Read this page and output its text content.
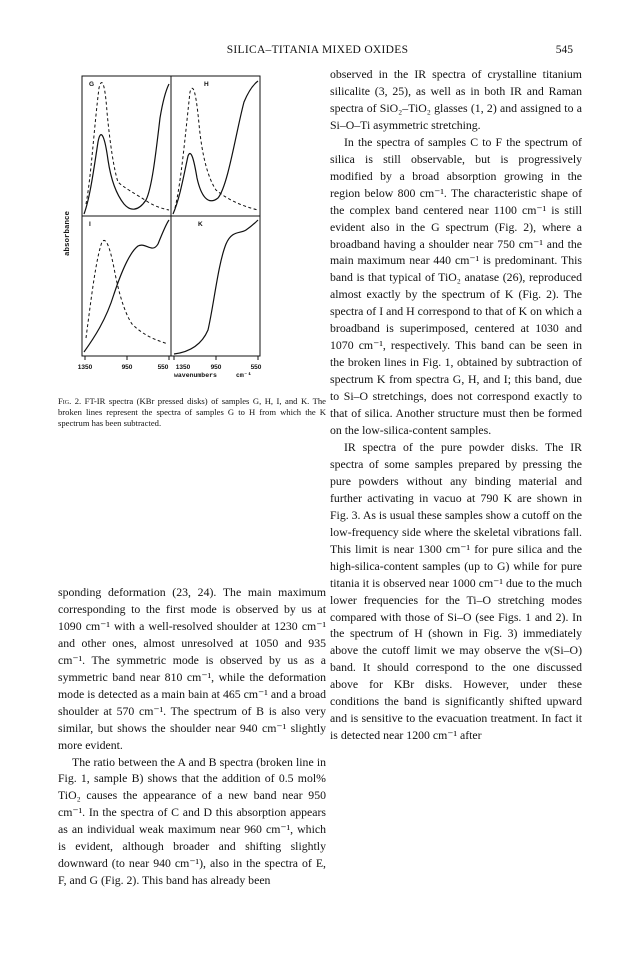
SILICA–TITANIA MIXED OXIDES	545
G	H
I	K
absorbance
1350	950	550 1350	950	550
wavenumbers	cm⁻¹
Fig. 2. FT-IR spectra (KBr pressed disks) of samples G, H, I, and K. The broken lines represent the spectra of samples G to H from which the K spectrum has been subtracted.

sponding deformation (23, 24). The main maximum corresponding to the first mode is observed by us at 1090 cm⁻¹ with a well-resolved shoulder at 1230 cm⁻¹ and other ones, almost unresolved at 1050 and 935 cm⁻¹. The symmetric mode is observed by us as a symmetric band near 810 cm⁻¹, while the deformation mode is detected as a main bain at 465 cm⁻¹ and a broad shoulder at 570 cm⁻¹. The spectrum of B is also very similar, but shows the shoulder near 940 cm⁻¹ slightly more evident.

The ratio between the A and B spectra (broken line in Fig. 1, sample B) shows that the addition of 0.5 mol% TiO₂ causes the appearance of a new band near 950 cm⁻¹. In the spectra of C and D this absorption appears as an individual weak maximum near 960 cm⁻¹, which is evident, although broader and shifting slightly downward (to near 940 cm⁻¹), also in the spectra of E, F, and G (Fig. 2). This band has already been

observed in the IR spectra of crystalline titanium silicalite (3, 25), as well as in both IR and Raman spectra of SiO₂–TiO₂ glasses (1, 2) and assigned to a Si–O–Ti asymmetric stretching.

In the spectra of samples C to F the spectrum of silica is still observable, but is progressively modified by a broad absorption growing in the region below 800 cm⁻¹. The characteristic shape of the complex band centered near 1100 cm⁻¹ is still evident also in the G spectrum (Fig. 2), where a broadband having a shoulder near 750 cm⁻¹ and the main maximum near 440 cm⁻¹ is predominant. This band is that typical of TiO₂ anatase (26), reproduced almost exactly by the spectrum of K (Fig. 2). The spectra of I and H correspond to that of K on which a broadband is superimposed, centered at 1030 and 1070 cm⁻¹, respectively. This band can be seen in the broken lines in Fig. 1, obtained by subtraction of spectrum K from spectra G, H, and I; this band, due to Si–O stretchings, does not correspond exactly to that of silica. Another structure must then be formed on the low-silica-content samples.

IR spectra of the pure powder disks. The IR spectra of some samples prepared by pressing the pure powders without any binding material and further activating in vacuo at 790 K are shown in Fig. 3. As is usual these samples show a cutoff on the low-frequency side where the skeletal vibrations fall. This limit is near 1300 cm⁻¹ for pure silica and the high-silica-content samples (up to G) while for pure titania it is observed near 1000 cm⁻¹ due to the much lower frequencies for the Ti–O stretching modes compared with those of Si–O (see Figs. 1 and 2). In the spectrum of H (shown in Fig. 3) immediately above the cutoff limit we may observe the ν(Si–O) band. It should correspond to the one discussed above for KBr disks. However, under these conditions the band is significantly shifted upward and is sensitive to the evacuation treatment. In fact it is detected near 1200 cm⁻¹ after
